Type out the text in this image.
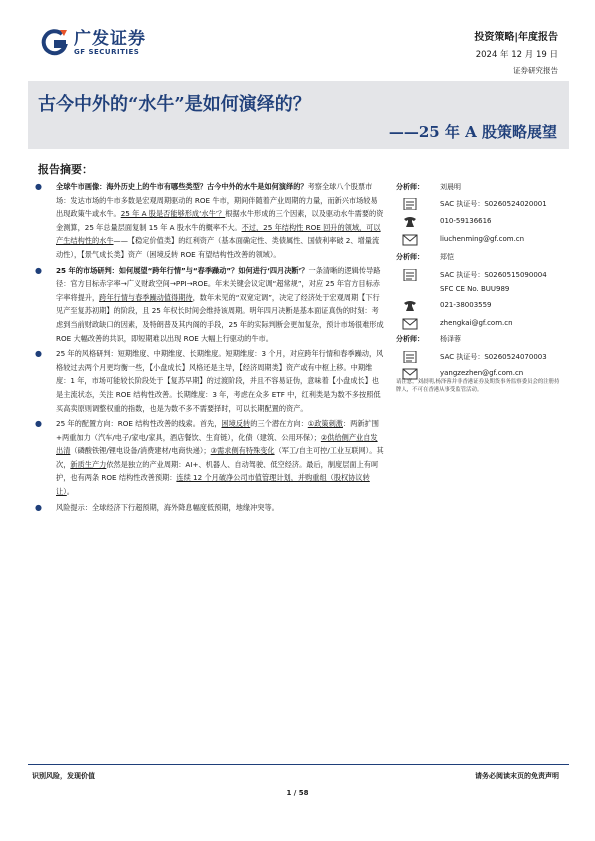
广发证券
GF SECURITIES
投资策略|年度报告
2024 年 12 月 19 日
证券研究报告
古今中外的“水牛”是如何演绎的？
——25 年 A 股策略展望
报告摘要：
● 全球牛市画像：海外历史上的牛市有哪些类型？古今中外的水牛是如何演绎的？考察全球八个股票市场：发达市场的牛市多数是宏观周期驱动的 ROE 牛市，期间伴随着产业周期的力量，而新兴市场较易出现政策牛或水牛。25 年 A 股是否能够形成‘水牛’？根据水牛形成的三个因素，以及驱动水牛需要的资金测算，25 年总量层面复制 15 年 A 股水牛的概率不大。不过，25 年结构性 ROE 回升的领域，可以产生结构性的水牛——【稳定价值类】的红利资产（基本面确定性、类债属性、国债利率破 2、增量流动性），【景气成长类】资产（困境反转 ROE 有望结构性改善的领域）。
● 25 年的市场研判：如何展望“跨年行情”与“春季躁动”？如何进行‘四月决断’？一条清晰的逻辑传导路径：官方目标赤字率→广义财政空间→PPI→ROE。年末关键会议定调“超常规”，对应 25 年官方目标赤字率将提升，跨年行情与春季躁动值得期待，数年未见的“双宽定调”，决定了经济处于宏观周期【下行见产至复苏初期】的阶段，且 25 年权长时间会维持该周期。明年四月决断是基本面证真伪的时刻：考虑到当前财政缺口的因素，及特朗普及其内阁的手段，25 年的实际判断会更加复杂，预计市场很难形成 ROE 大幅改善的共识，即短期难以出现 ROE 大幅上行驱动的牛市。
● 25 年的风格研判：短期维度、中期维度、长期维度。短期维度：3 个月，对应跨年行情和春季躁动，风格较过去两个月更均衡一些，【小盘成长】风格还是主导，【经济周期类】资产或有中枢上移。中期维度：1 年，市场可能较长阶段处于【复苏早期】的过渡阶段，并且不容易证伪，意味着【小盘成长】也是主流状态，关注 ROE 结构性改善。长期维度：3 年，考虑在众多 ETF 中，红利类是为数不多按照低买高卖原则调整权重的指数，也是为数不多不需要择时，可以长期配置的资产。
● 25 年的配置方向：ROE 结构性改善的线索。首先，困境反转的三个潜在方向：①政策刺激：两新扩围+两重加力（汽车/电子/家电/家具，酒店餐饮、生育链），化债（建筑、公用环保）；②供给侧产业自发出清（磷酸铁锂/锂电设备/消费建材/电商快递）；③需求侧有特殊变化（军工/自主可控/工业互联网）。其次，新质生产力依然是独立的产业周期：AI+、机器人、自动驾驶、低空经济。最后，制度层面上有呵护，也有两条 ROE 结构性改善预期：连续 12 个月破净公司市值管理计划，并购重组（股权协议转让）。
● 风险提示：全球经济下行超预期，海外降息幅度低预期，地缘冲突等。
分析师： 刘晨明
SAC 执证号：S0260524020001
010-59136616
liuchenming@gf.com.cn
分析师： 郑恺
SAC 执证号：S0260515090004
SFC CE No. BUU989
021-38003559
zhengkai@gf.com.cn
分析师： 杨泽蓉
SAC 执证号：S0260524070003
yangzezhen@gf.com.cn
请注意，刘晨明,杨泽蓉并非香港证券及期货事务监察委员会的注册持牌人，不可在香港从事受监管活动。
识别风险，发现价值	请务必阅读末页的免责声明
1 / 58
